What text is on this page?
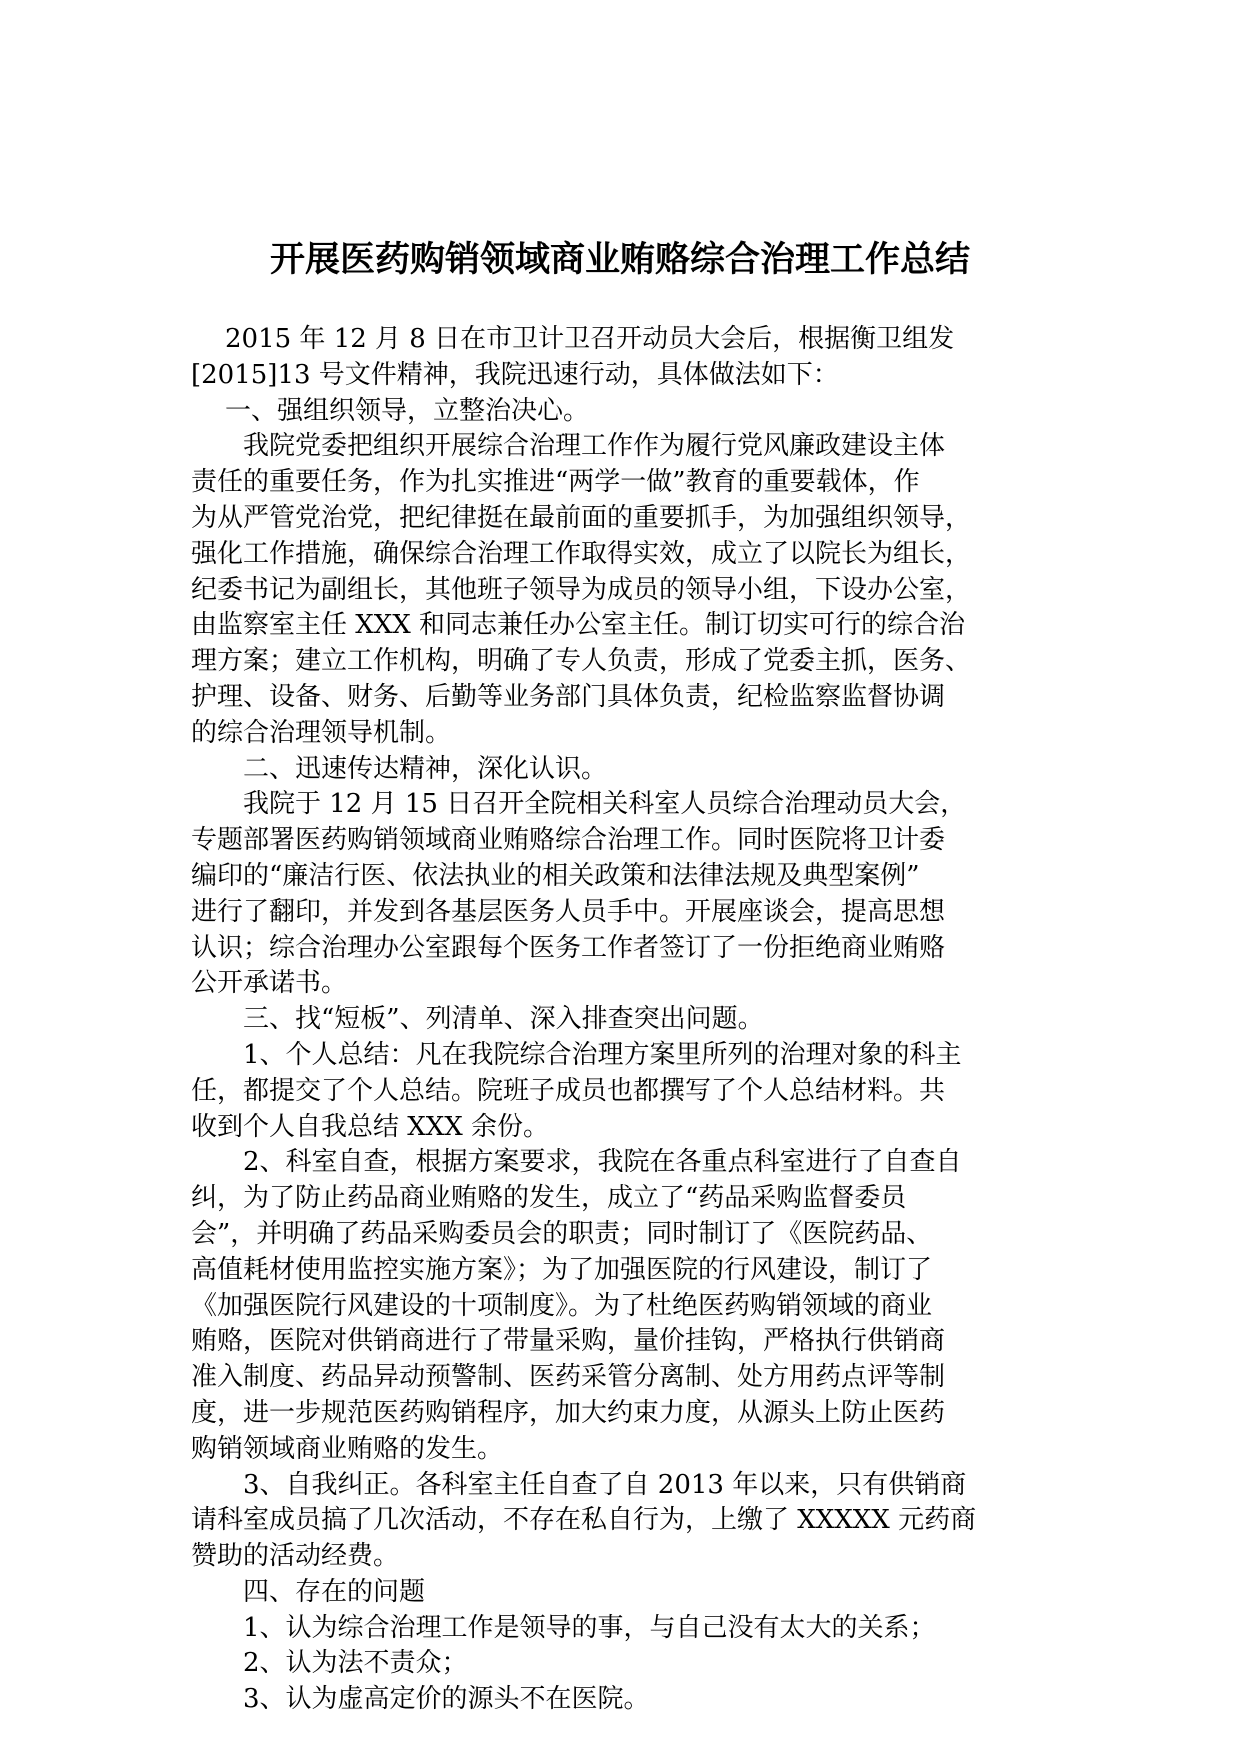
开展医药购销领域商业贿赂综合治理工作总结

2015 年 12 月 8 日在市卫计卫召开动员大会后，根据衡卫组发
[2015]13 号文件精神，我院迅速行动，具体做法如下：

一、强组织领导，立整治决心。

我院党委把组织开展综合治理工作作为履行党风廉政建设主体
责任的重要任务，作为扎实推进“两学一做”教育的重要载体，作
为从严管党治党，把纪律挺在最前面的重要抓手，为加强组织领导，
强化工作措施，确保综合治理工作取得实效，成立了以院长为组长，
纪委书记为副组长，其他班子领导为成员的领导小组，下设办公室，
由监察室主任 XXX 和同志兼任办公室主任。制订切实可行的综合治
理方案；建立工作机构，明确了专人负责，形成了党委主抓，医务、
护理、设备、财务、后勤等业务部门具体负责，纪检监察监督协调
的综合治理领导机制。

二、迅速传达精神，深化认识。

我院于 12 月 15 日召开全院相关科室人员综合治理动员大会，
专题部署医药购销领域商业贿赂综合治理工作。同时医院将卫计委
编印的“廉洁行医、依法执业的相关政策和法律法规及典型案例”
进行了翻印，并发到各基层医务人员手中。开展座谈会，提高思想
认识；综合治理办公室跟每个医务工作者签订了一份拒绝商业贿赂
公开承诺书。

三、找“短板”、列清单、深入排查突出问题。

1、个人总结：凡在我院综合治理方案里所列的治理对象的科主
任，都提交了个人总结。院班子成员也都撰写了个人总结材料。共
收到个人自我总结 XXX 余份。

2、科室自查，根据方案要求，我院在各重点科室进行了自查自
纠，为了防止药品商业贿赂的发生，成立了“药品采购监督委员
会”，并明确了药品采购委员会的职责；同时制订了《医院药品、
高值耗材使用监控实施方案》；为了加强医院的行风建设，制订了
《加强医院行风建设的十项制度》。为了杜绝医药购销领域的商业
贿赂，医院对供销商进行了带量采购，量价挂钩，严格执行供销商
准入制度、药品异动预警制、医药采管分离制、处方用药点评等制
度，进一步规范医药购销程序，加大约束力度，从源头上防止医药
购销领域商业贿赂的发生。

3、自我纠正。各科室主任自查了自 2013 年以来，只有供销商
请科室成员搞了几次活动，不存在私自行为，上缴了 XXXXX 元药商
赞助的活动经费。

四、存在的问题

1、认为综合治理工作是领导的事，与自己没有太大的关系；

2、认为法不责众；

3、认为虚高定价的源头不在医院。
